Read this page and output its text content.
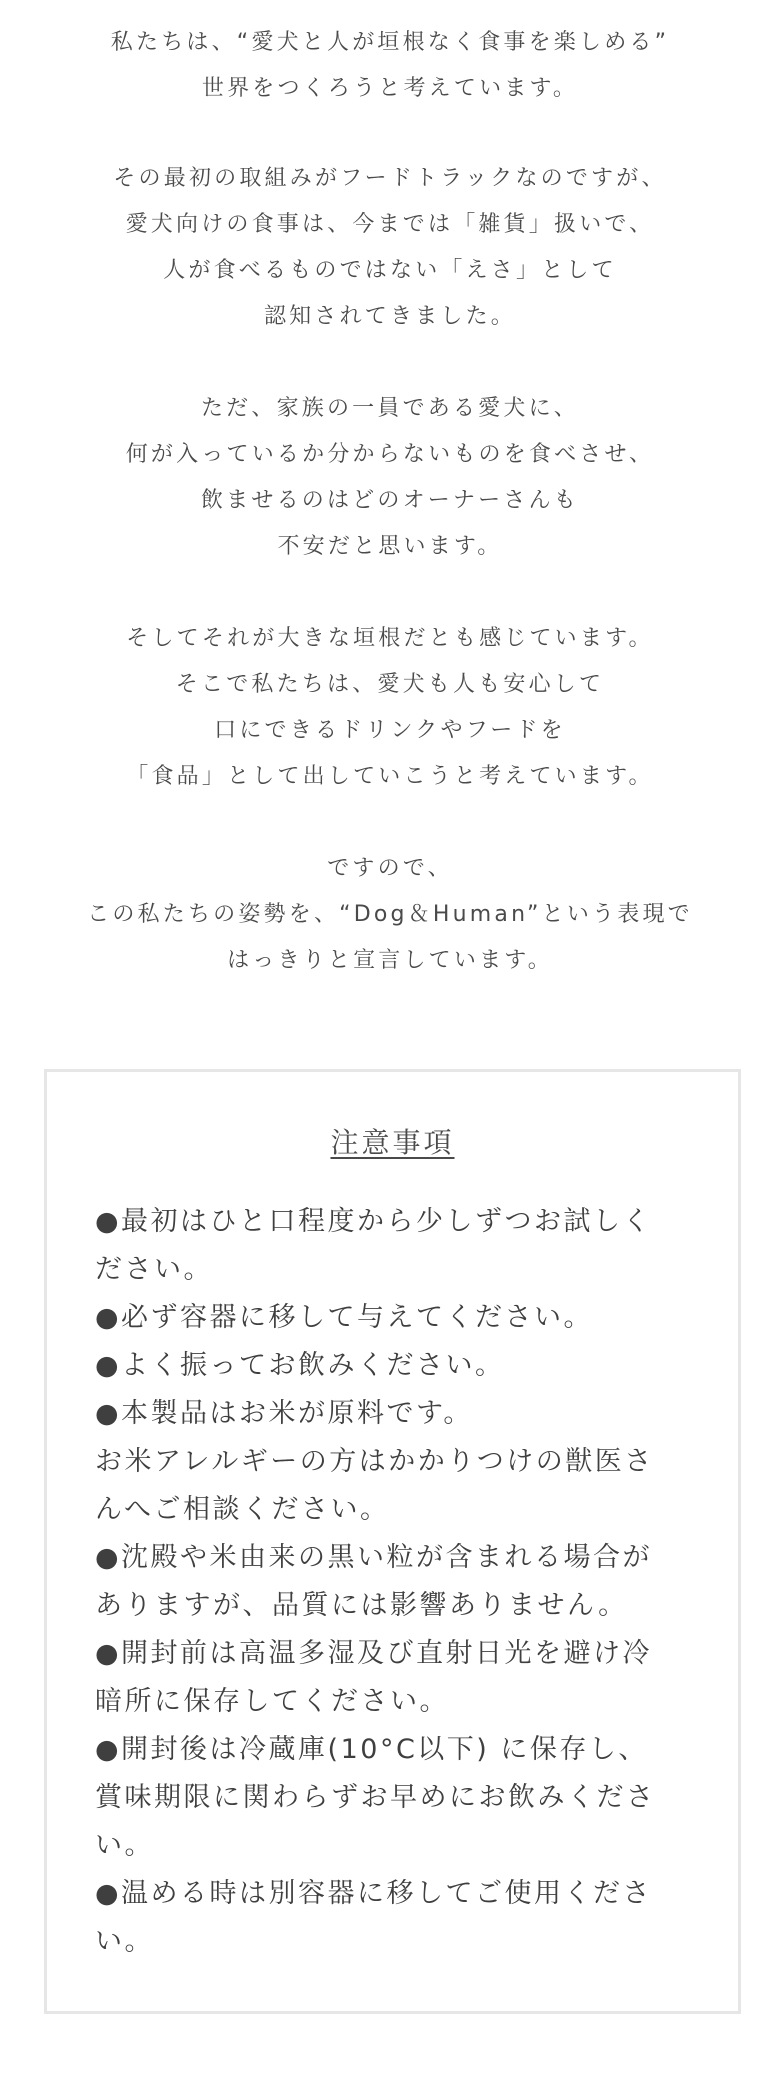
私たちは、“愛犬と人が垣根なく食事を楽しめる”
世界をつくろうと考えています。
その最初の取組みがフードトラックなのですが、
愛犬向けの食事は、今までは「雑貨」扱いで、
人が食べるものではない「えさ」として
認知されてきました。
ただ、家族の一員である愛犬に、
何が入っているか分からないものを食べさせ、
飲ませるのはどのオーナーさんも
不安だと思います。
そしてそれが大きな垣根だとも感じています。
そこで私たちは、愛犬も人も安心して
口にできるドリンクやフードを
「食品」として出していこうと考えています。
ですので、
この私たちの姿勢を、“Dog＆Human”という表現で
はっきりと宣言しています。
注意事項
●最初はひと口程度から少しずつお試しく
ださい。
●必ず容器に移して与えてください。
●よく振ってお飲みください。
●本製品はお米が原料です。
お米アレルギーの方はかかりつけの獣医さ
んへご相談ください。
●沈殿や米由来の黒い粒が含まれる場合が
ありますが、品質には影響ありません。
●開封前は高温多湿及び直射日光を避け冷
暗所に保存してください。
●開封後は冷蔵庫(10°C以下) に保存し、
賞味期限に関わらずお早めにお飲みくださ
い。
●温める時は別容器に移してご使用くださ
い。
